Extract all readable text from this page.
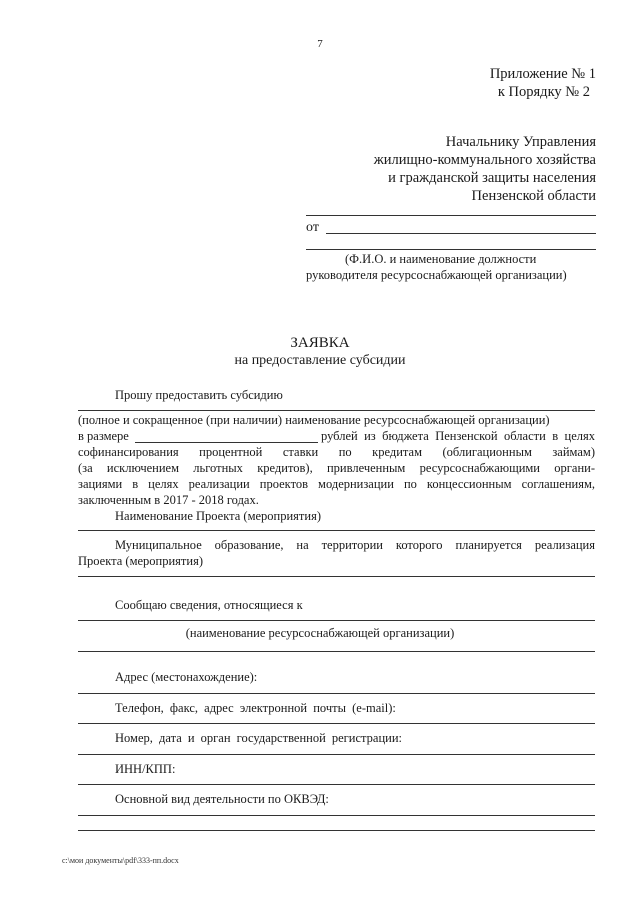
7
Приложение № 1
к Порядку № 2
Начальнику Управления
жилищно-коммунального хозяйства
и гражданской защиты населения
Пензенской области
от
(Ф.И.О. и наименование должности
руководителя ресурсоснабжающей организации)
ЗАЯВКА
на предоставление субсидии
Прошу предоставить субсидию
(полное и сокращенное (при наличии) наименование ресурсоснабжающей организации)
в размере	рублей из бюджета Пензенской области в целях
софинансирования процентной ставки по кредитам (облигационным займам)
(за исключением льготных кредитов), привлеченным ресурсоснабжающими органи-
зациями в целях реализации проектов модернизации по концессионным соглашениям,
заключенным в 2017 - 2018 годах.
Наименование Проекта (мероприятия)
Муниципальное образование, на территории которого планируется реализация
Проекта (мероприятия)
Сообщаю сведения, относящиеся к
(наименование ресурсоснабжающей организации)
Адрес (местонахождение):
Телефон, факс, адрес электронной почты (e-mail):
Номер, дата и орган государственной регистрации:
ИНН/КПП:
Основной вид деятельности по ОКВЭД:
c:\мои документы\pdf\333-пп.docx
